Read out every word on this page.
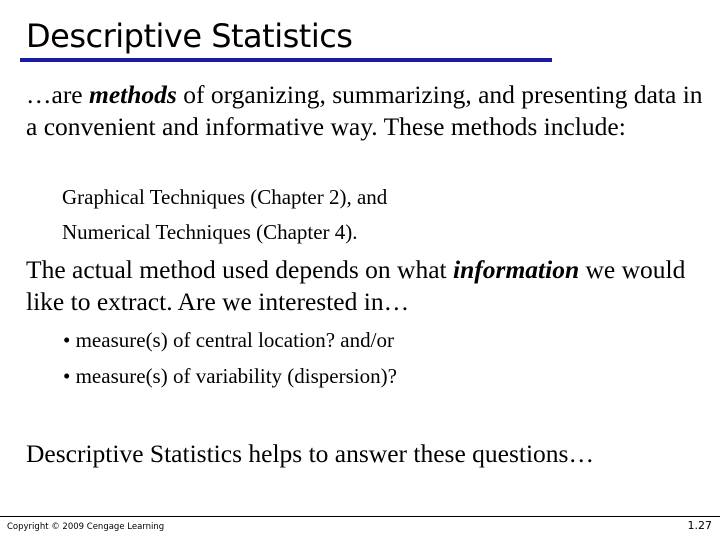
Descriptive Statistics
…are methods of organizing, summarizing, and presenting data in a convenient and informative way. These methods include:
Graphical Techniques (Chapter 2), and
Numerical Techniques (Chapter 4).
The actual method used depends on what information we would like to extract. Are we interested in…
• measure(s) of central location? and/or
• measure(s) of variability (dispersion)?
Descriptive Statistics helps to answer these questions…
Copyright © 2009 Cengage Learning	1.27
